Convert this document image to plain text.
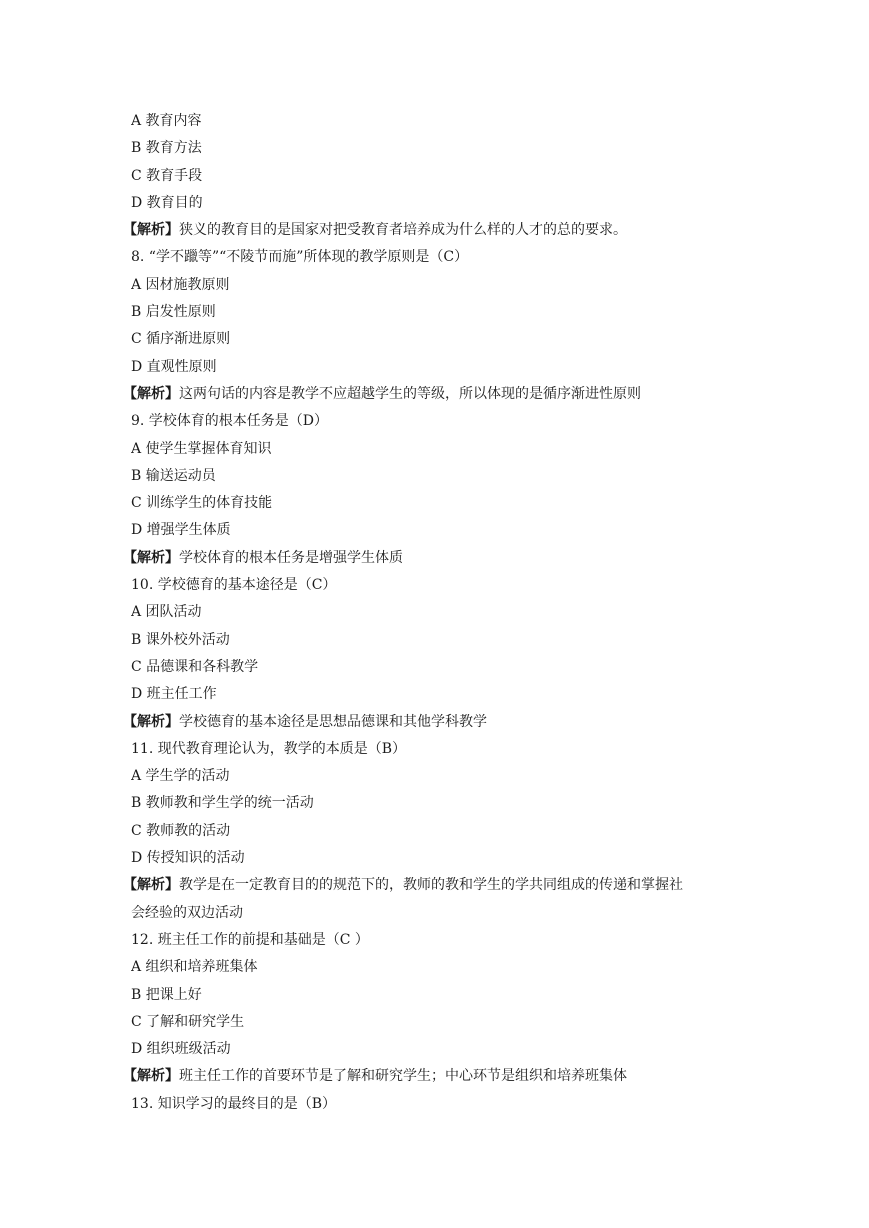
A 教育内容
B 教育方法
C 教育手段
D 教育目的
【解析】狭义的教育目的是国家对把受教育者培养成为什么样的人才的总的要求。
8. “学不躐等”“不陵节而施”所体现的教学原则是（C）
A 因材施教原则
B 启发性原则
C 循序渐进原则
D 直观性原则
【解析】这两句话的内容是教学不应超越学生的等级，所以体现的是循序渐进性原则
9. 学校体育的根本任务是（D）
A 使学生掌握体育知识
B 输送运动员
C 训练学生的体育技能
D 增强学生体质
【解析】学校体育的根本任务是增强学生体质
10. 学校德育的基本途径是（C）
A 团队活动
B 课外校外活动
C 品德课和各科教学
D 班主任工作
【解析】学校德育的基本途径是思想品德课和其他学科教学
11. 现代教育理论认为，教学的本质是（B）
A 学生学的活动
B 教师教和学生学的统一活动
C 教师教的活动
D 传授知识的活动
【解析】教学是在一定教育目的的规范下的，教师的教和学生的学共同组成的传递和掌握社
会经验的双边活动
12. 班主任工作的前提和基础是（C ）
A 组织和培养班集体
B 把课上好
C 了解和研究学生
D 组织班级活动
【解析】班主任工作的首要环节是了解和研究学生；中心环节是组织和培养班集体
13. 知识学习的最终目的是（B）
